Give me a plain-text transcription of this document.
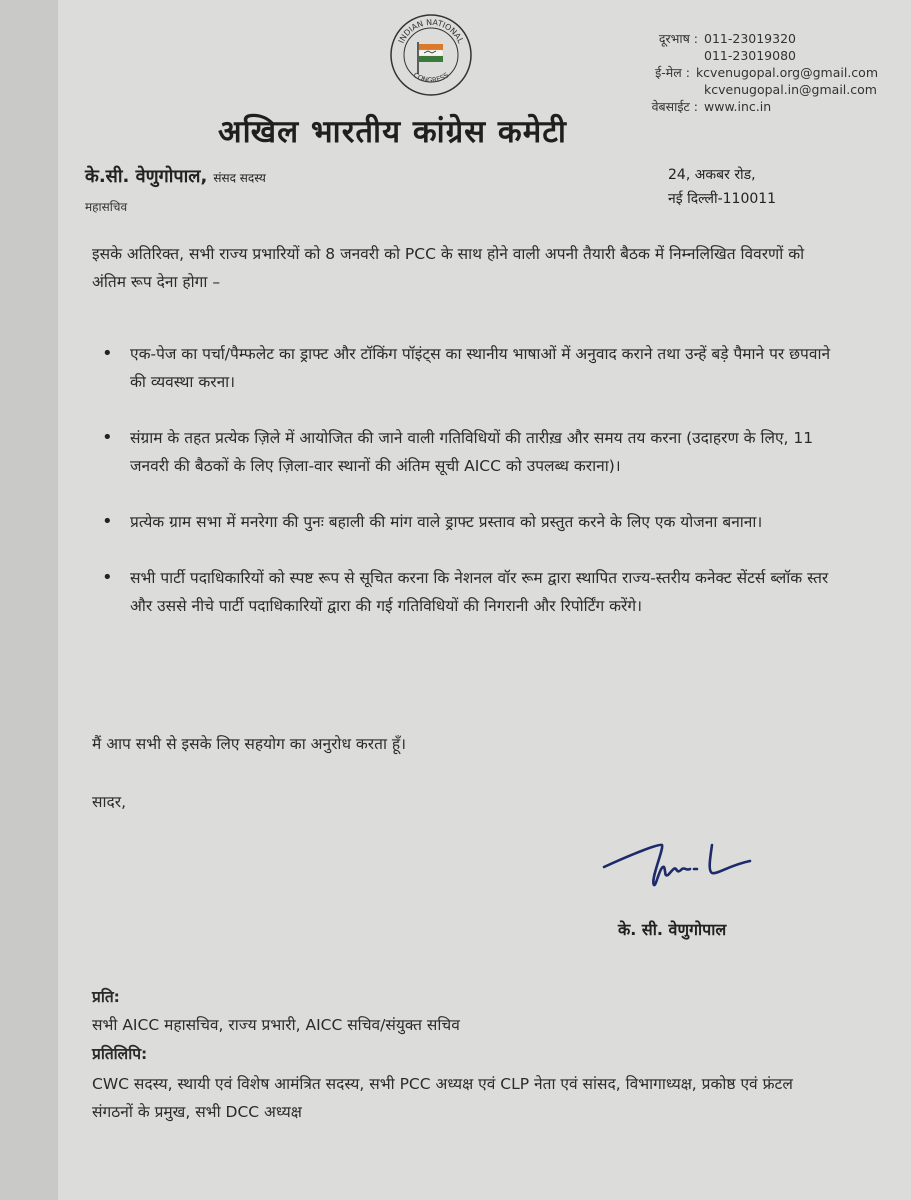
INDIAN NATIONAL
CONGRESS
दूरभाष : 011-23019320
011-23019080
ई-मेल : kcvenugopal.org@gmail.com
kcvenugopal.in@gmail.com
वेबसाईट : www.inc.in
अखिल भारतीय कांग्रेस कमेटी
के.सी. वेणुगोपाल, संसद सदस्य
महासचिव
24, अकबर रोड,
नई दिल्ली-110011

इसके अतिरिक्त, सभी राज्य प्रभारियों को 8 जनवरी को PCC के साथ होने वाली अपनी तैयारी बैठक में निम्नलिखित विवरणों को अंतिम रूप देना होगा –

• एक-पेज का पर्चा/पैम्फलेट का ड्राफ्ट और टॉकिंग पॉइंट्स का स्थानीय भाषाओं में अनुवाद कराने तथा उन्हें बड़े पैमाने पर छपवाने की व्यवस्था करना।
• संग्राम के तहत प्रत्येक ज़िले में आयोजित की जाने वाली गतिविधियों की तारीख़ और समय तय करना (उदाहरण के लिए, 11 जनवरी की बैठकों के लिए ज़िला-वार स्थानों की अंतिम सूची AICC को उपलब्ध कराना)।
• प्रत्येक ग्राम सभा में मनरेगा की पुनः बहाली की मांग वाले ड्राफ्ट प्रस्ताव को प्रस्तुत करने के लिए एक योजना बनाना।
• सभी पार्टी पदाधिकारियों को स्पष्ट रूप से सूचित करना कि नेशनल वॉर रूम द्वारा स्थापित राज्य-स्तरीय कनेक्ट सेंटर्स ब्लॉक स्तर और उससे नीचे पार्टी पदाधिकारियों द्वारा की गई गतिविधियों की निगरानी और रिपोर्टिंग करेंगे।
मैं आप सभी से इसके लिए सहयोग का अनुरोध करता हूँ।
सादर,
के. सी. वेणुगोपाल
प्रति:
सभी AICC महासचिव, राज्य प्रभारी, AICC सचिव/संयुक्त सचिव
प्रतिलिपि:
CWC सदस्य, स्थायी एवं विशेष आमंत्रित सदस्य, सभी PCC अध्यक्ष एवं CLP नेता एवं सांसद, विभागाध्यक्ष, प्रकोष्ठ एवं फ्रंटल संगठनों के प्रमुख, सभी DCC अध्यक्ष
